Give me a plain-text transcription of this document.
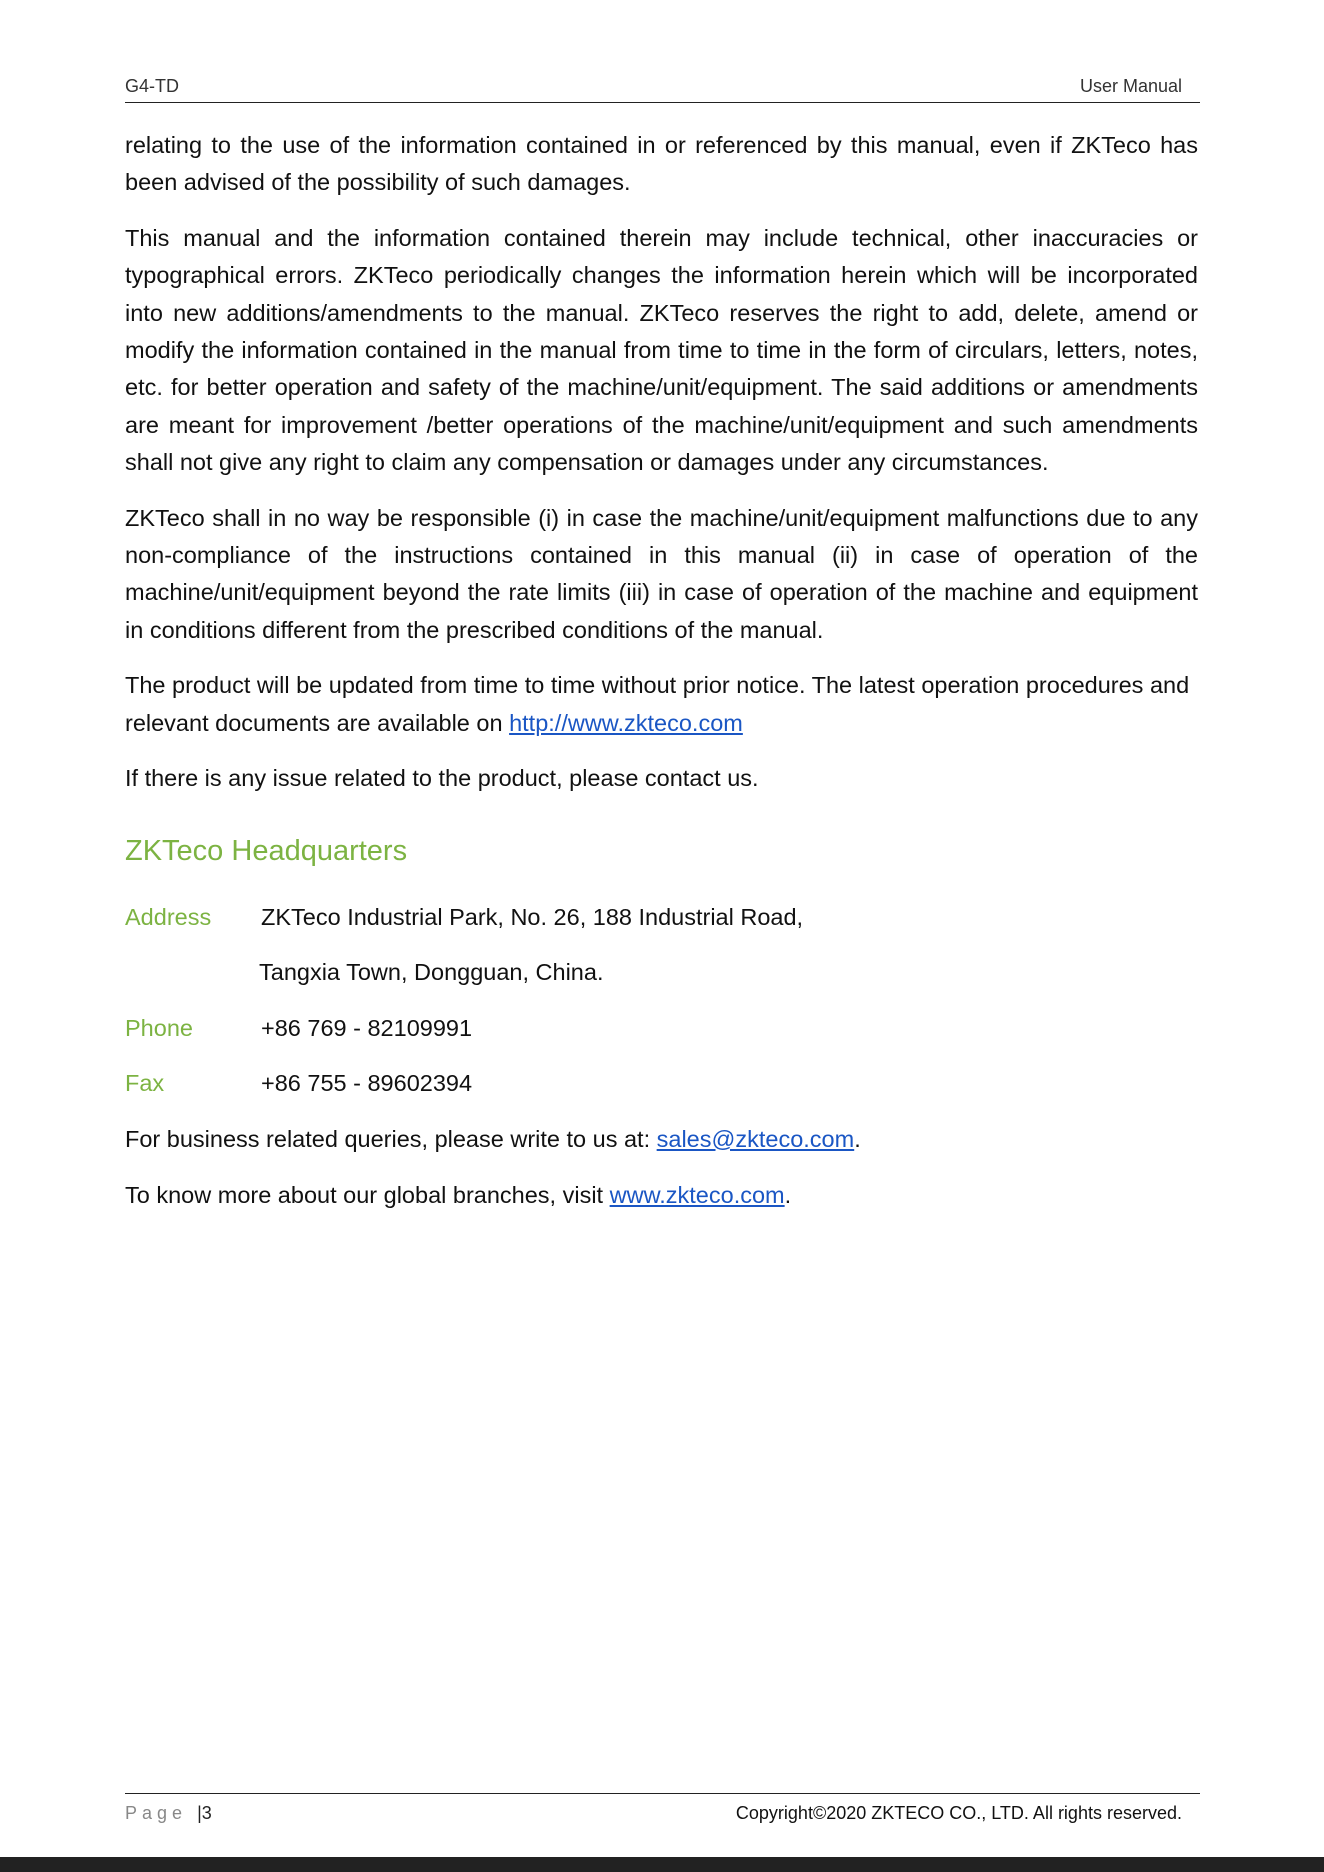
G4-TD	User Manual

relating to the use of the information contained in or referenced by this manual, even if ZKTeco has been advised of the possibility of such damages.

This manual and the information contained therein may include technical, other inaccuracies or typographical errors. ZKTeco periodically changes the information herein which will be incorporated into new additions/amendments to the manual. ZKTeco reserves the right to add, delete, amend or modify the information contained in the manual from time to time in the form of circulars, letters, notes, etc. for better operation and safety of the machine/unit/equipment. The said additions or amendments are meant for improvement /better operations of the machine/unit/equipment and such amendments shall not give any right to claim any compensation or damages under any circumstances.

ZKTeco shall in no way be responsible (i) in case the machine/unit/equipment malfunctions due to any non-compliance of the instructions contained in this manual (ii) in case of operation of the machine/unit/equipment beyond the rate limits (iii) in case of operation of the machine and equipment in conditions different from the prescribed conditions of the manual.

The product will be updated from time to time without prior notice. The latest operation procedures and relevant documents are available on http://www.zkteco.com

If there is any issue related to the product, please contact us.

ZKTeco Headquarters
Address ZKTeco Industrial Park, No. 26, 188 Industrial Road,
Tangxia Town, Dongguan, China.
Phone	+86 769 - 82109991
Fax	+86 755 - 89602394

For business related queries, please write to us at: sales@zkteco.com.

To know more about our global branches, visit www.zkteco.com.

Page |3	Copyright©2020 ZKTECO CO., LTD. All rights reserved.
